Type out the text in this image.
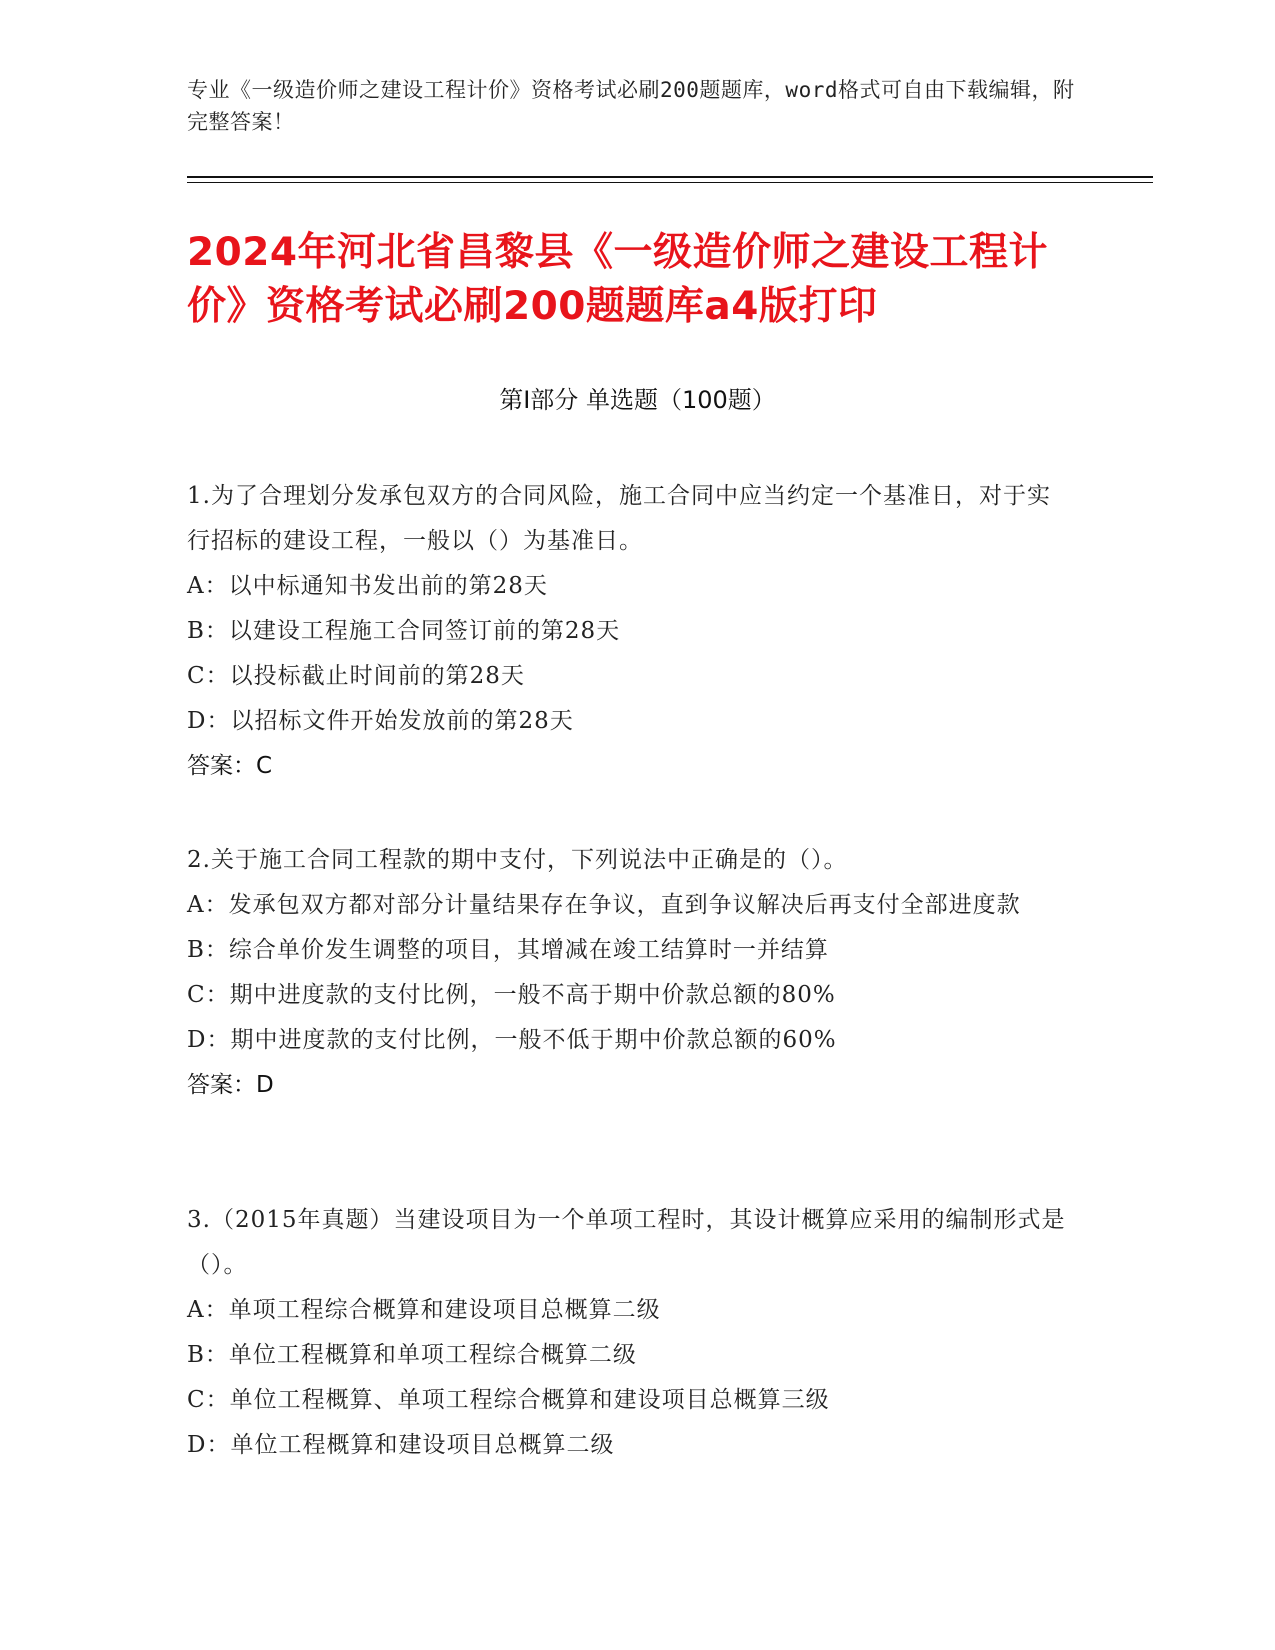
专业《一级造价师之建设工程计价》资格考试必刷200题题库，word格式可自由下载编辑，附完整答案！
2024年河北省昌黎县《一级造价师之建设工程计价》资格考试必刷200题题库a4版打印
第Ⅰ部分 单选题（100题）
1.为了合理划分发承包双方的合同风险，施工合同中应当约定一个基准日，对于实行招标的建设工程，一般以（）为基准日。
A：以中标通知书发出前的第28天
B：以建设工程施工合同签订前的第28天
C：以投标截止时间前的第28天
D：以招标文件开始发放前的第28天
答案：C
2.关于施工合同工程款的期中支付，下列说法中正确是的（）。
A：发承包双方都对部分计量结果存在争议，直到争议解决后再支付全部进度款
B：综合单价发生调整的项目，其增减在竣工结算时一并结算
C：期中进度款的支付比例，一般不高于期中价款总额的80%
D：期中进度款的支付比例，一般不低于期中价款总额的60%
答案：D
3.（2015年真题）当建设项目为一个单项工程时，其设计概算应采用的编制形式是（）。
A：单项工程综合概算和建设项目总概算二级
B：单位工程概算和单项工程综合概算二级
C：单位工程概算、单项工程综合概算和建设项目总概算三级
D：单位工程概算和建设项目总概算二级
